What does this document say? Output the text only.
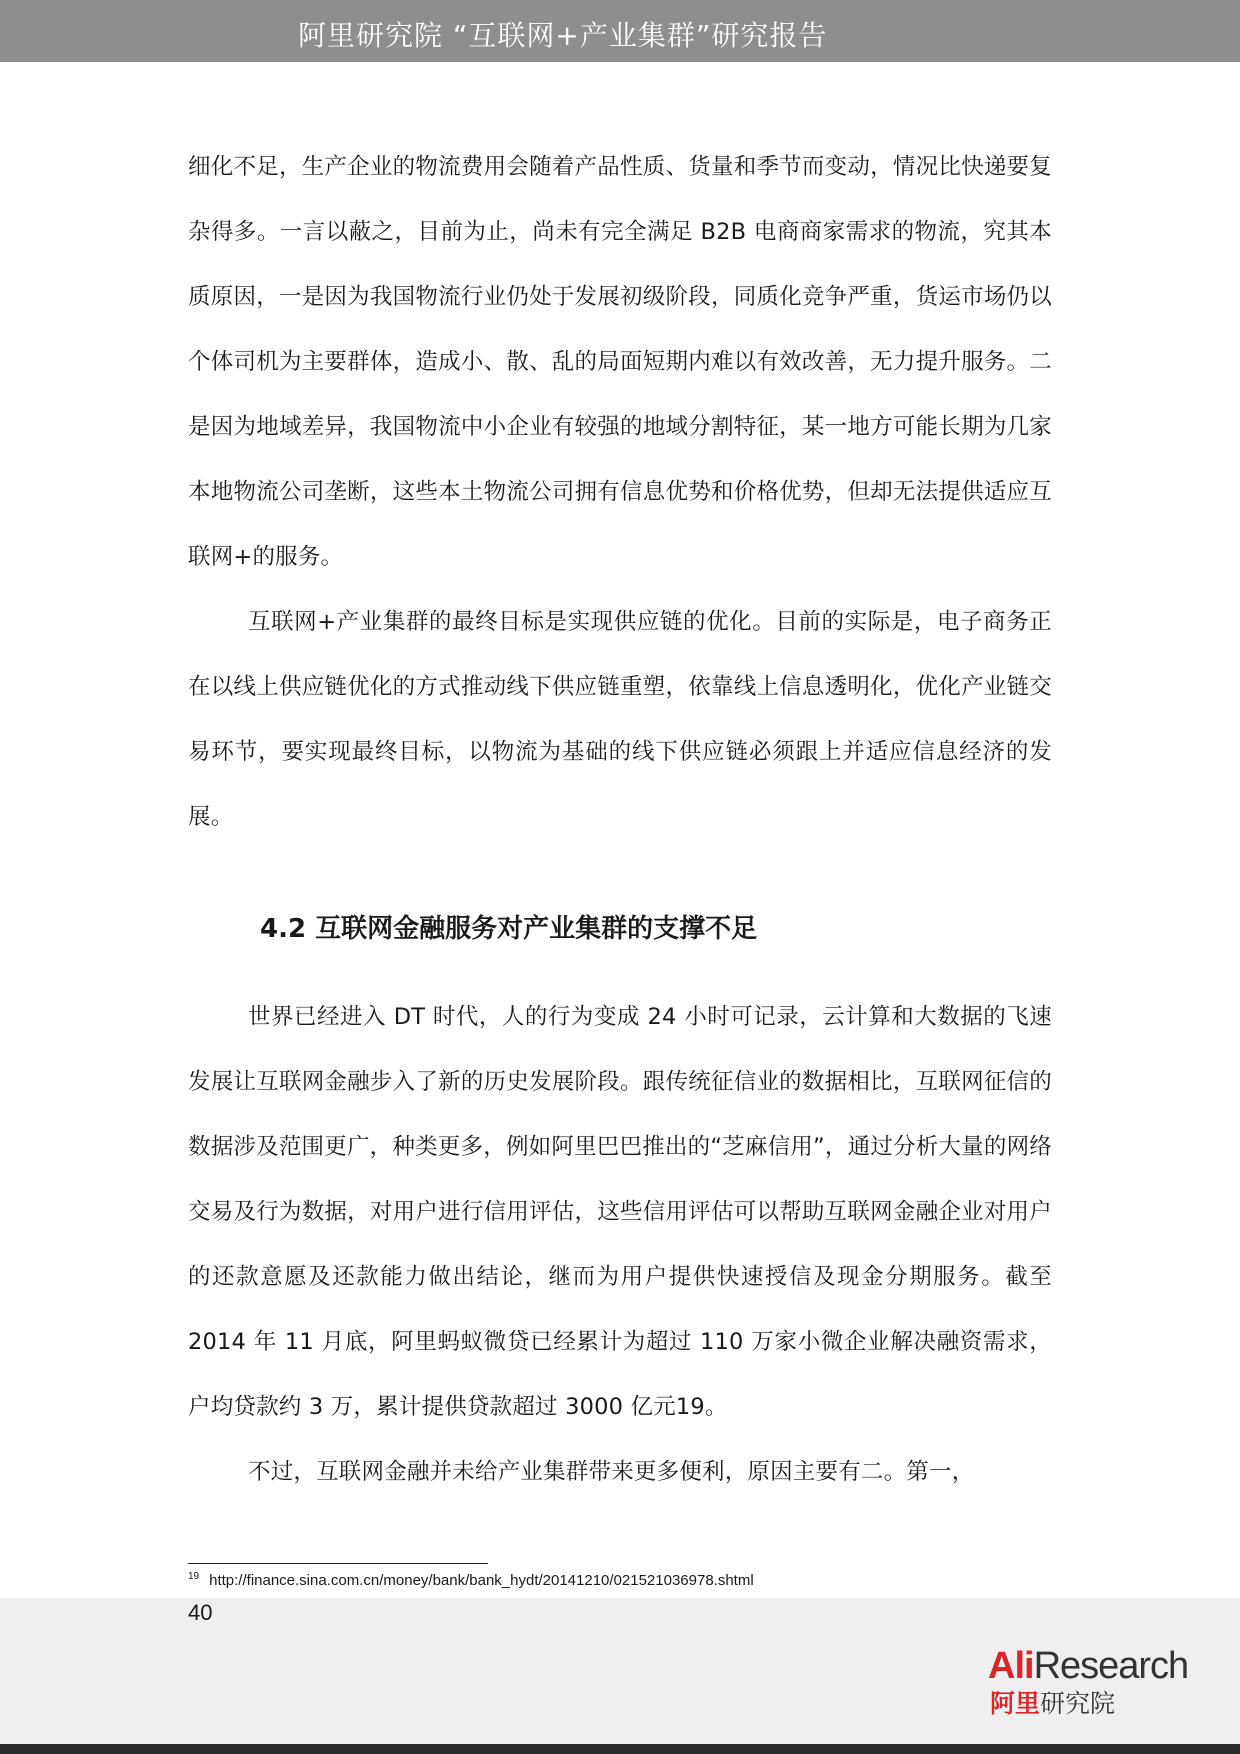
阿里研究院 “互联网+产业集群”研究报告

细化不足，生产企业的物流费用会随着产品性质、货量和季节而变动，情况比快递要复杂得多。一言以蔽之，目前为止，尚未有完全满足 B2B 电商商家需求的物流，究其本质原因，一是因为我国物流行业仍处于发展初级阶段，同质化竞争严重，货运市场仍以个体司机为主要群体，造成小、散、乱的局面短期内难以有效改善，无力提升服务。二是因为地域差异，我国物流中小企业有较强的地域分割特征，某一地方可能长期为几家本地物流公司垄断，这些本土物流公司拥有信息优势和价格优势，但却无法提供适应互联网+的服务。

互联网+产业集群的最终目标是实现供应链的优化。目前的实际是，电子商务正在以线上供应链优化的方式推动线下供应链重塑，依靠线上信息透明化，优化产业链交易环节，要实现最终目标，以物流为基础的线下供应链必须跟上并适应信息经济的发展。

4.2 互联网金融服务对产业集群的支撑不足

世界已经进入 DT 时代，人的行为变成 24 小时可记录，云计算和大数据的飞速发展让互联网金融步入了新的历史发展阶段。跟传统征信业的数据相比，互联网征信的数据涉及范围更广，种类更多，例如阿里巴巴推出的“芝麻信用”，通过分析大量的网络交易及行为数据，对用户进行信用评估，这些信用评估可以帮助互联网金融企业对用户的还款意愿及还款能力做出结论，继而为用户提供快速授信及现金分期服务。截至 2014 年 11 月底，阿里蚂蚁微贷已经累计为超过 110 万家小微企业解决融资需求，户均贷款约 3 万，累计提供贷款超过 3000 亿元19。

不过，互联网金融并未给产业集群带来更多便利，原因主要有二。第一，

$^{19}$ http://finance.sina.com.cn/money/bank/bank_hydt/20141210/021521036978.shtml
40
AliResearch
阿里研究院
